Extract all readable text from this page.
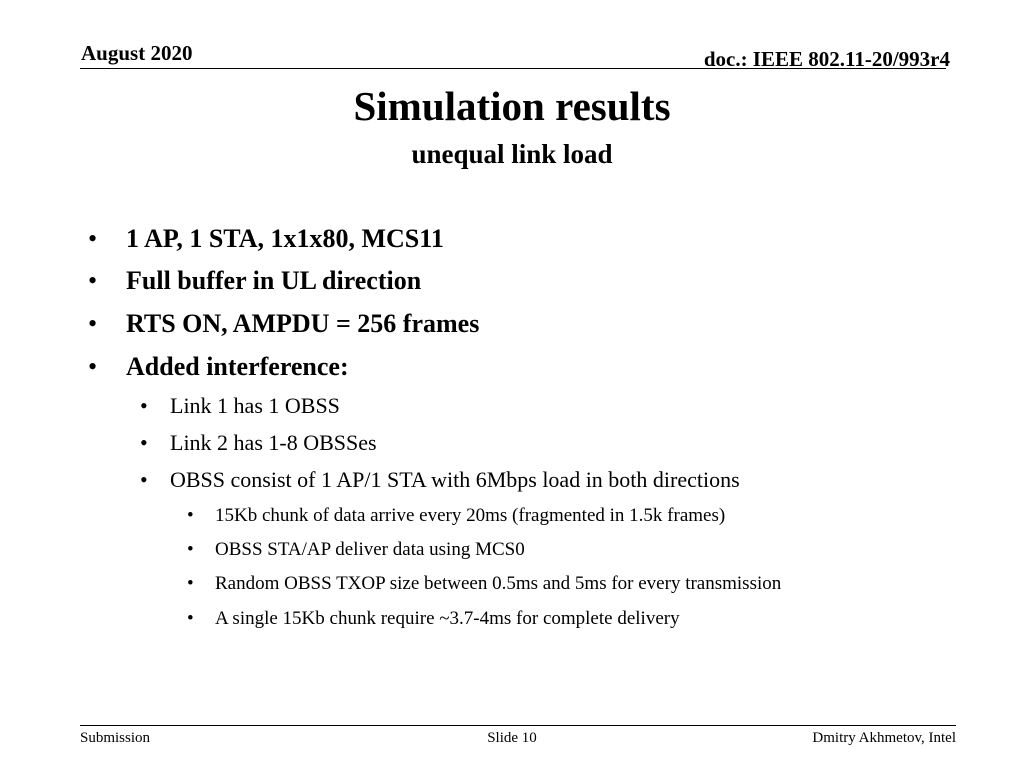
August 2020	doc.: IEEE 802.11-20/993r4
Simulation results
unequal link load
• 1 AP, 1 STA, 1x1x80, MCS11
• Full buffer in UL direction
• RTS ON, AMPDU = 256 frames
• Added interference:
• Link 1 has 1 OBSS
• Link 2 has 1-8 OBSSes
• OBSS consist of 1 AP/1 STA with 6Mbps load in both directions
• 15Kb chunk of data arrive every 20ms (fragmented in 1.5k frames)
• OBSS STA/AP deliver data using MCS0
• Random OBSS TXOP size between 0.5ms and 5ms for every transmission
• A single 15Kb chunk require ~3.7-4ms for complete delivery
Submission	Slide 10	Dmitry Akhmetov, Intel
